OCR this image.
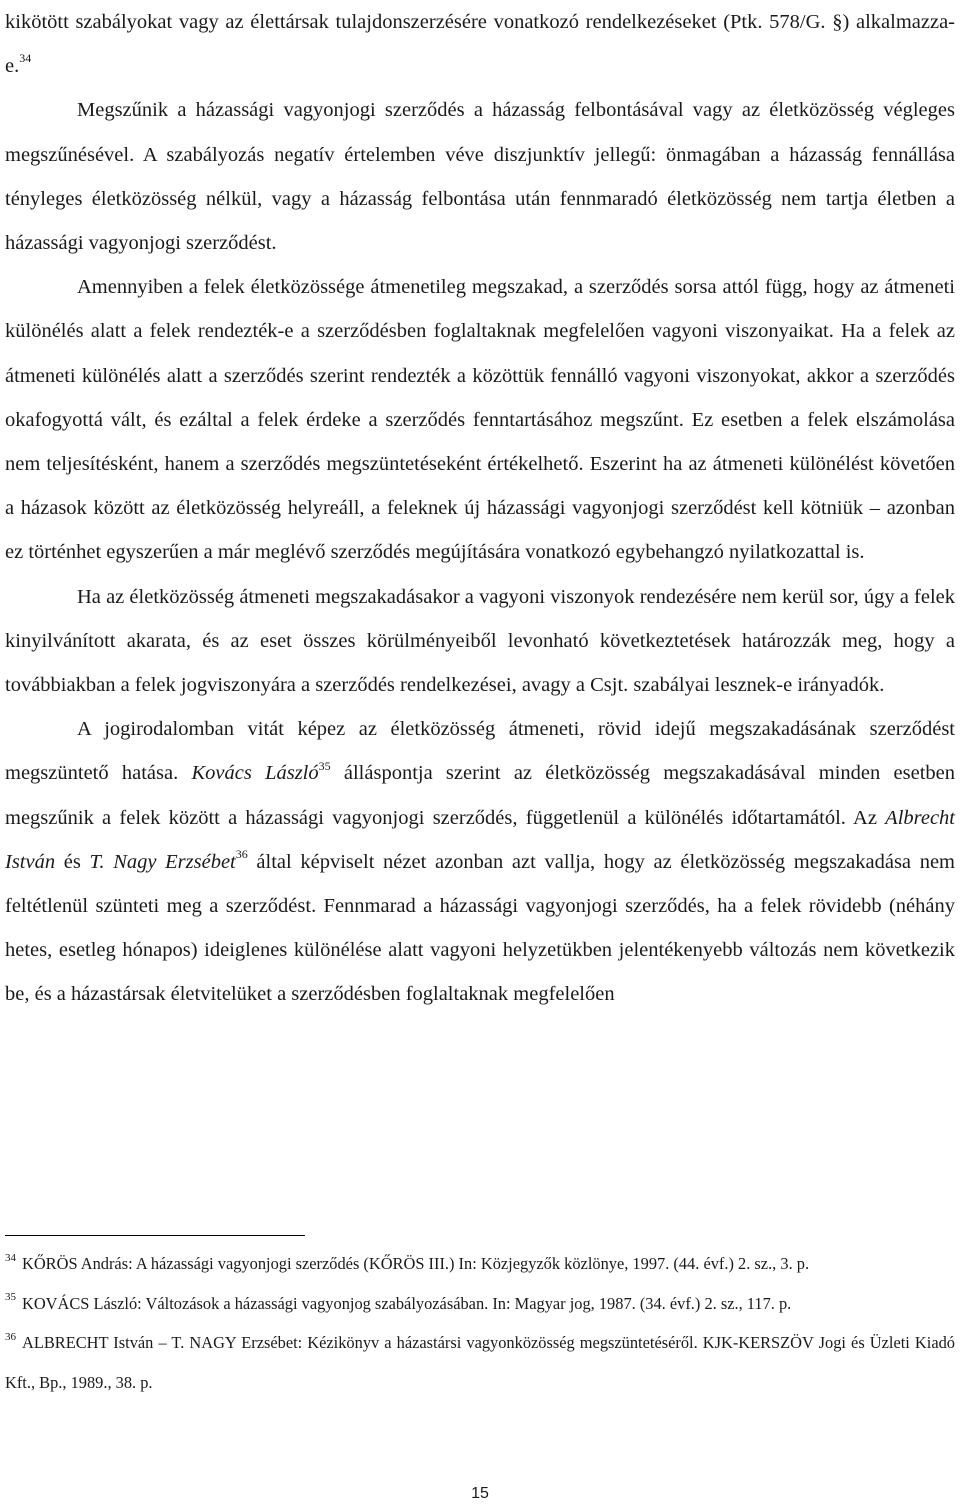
kikötött szabályokat vagy az élettársak tulajdonszerzésére vonatkozó rendelkezéseket (Ptk. 578/G. §) alkalmazza-e.$^{34}$

Megszűnik a házassági vagyonjogi szerződés a házasság felbontásával vagy az életközösség végleges megszűnésével. A szabályozás negatív értelemben véve diszjunktív jellegű: önmagában a házasság fennállása tényleges életközösség nélkül, vagy a házasság felbontása után fennmaradó életközösség nem tartja életben a házassági vagyonjogi szerződést.

Amennyiben a felek életközössége átmenetileg megszakad, a szerződés sorsa attól függ, hogy az átmeneti különélés alatt a felek rendezték-e a szerződésben foglaltaknak megfelelően vagyoni viszonyaikat. Ha a felek az átmeneti különélés alatt a szerződés szerint rendezték a közöttük fennálló vagyoni viszonyokat, akkor a szerződés okafogyottá vált, és ezáltal a felek érdeke a szerződés fenntartásához megszűnt. Ez esetben a felek elszámolása nem teljesítésként, hanem a szerződés megszüntetéseként értékelhető. Eszerint ha az átmeneti különélést követően a házasok között az életközösség helyreáll, a feleknek új házassági vagyonjogi szerződést kell kötniük – azonban ez történhet egyszerűen a már meglévő szerződés megújítására vonatkozó egybehangzó nyilatkozattal is.

Ha az életközösség átmeneti megszakadásakor a vagyoni viszonyok rendezésére nem kerül sor, úgy a felek kinyilvánított akarata, és az eset összes körülményeiből levonható következtetések határozzák meg, hogy a továbbiakban a felek jogviszonyára a szerződés rendelkezései, avagy a Csjt. szabályai lesznek-e irányadók.

A jogirodalomban vitát képez az életközösség átmeneti, rövid idejű megszakadásának szerződést megszüntető hatása. Kovács László$^{35}$ álláspontja szerint az életközösség megszakadásával minden esetben megszűnik a felek között a házassági vagyonjogi szerződés, függetlenül a különélés időtartamától. Az Albrecht István és T. Nagy Erzsébet$^{36}$ által képviselt nézet azonban azt vallja, hogy az életközösség megszakadása nem feltétlenül szünteti meg a szerződést. Fennmarad a házassági vagyonjogi szerződés, ha a felek rövidebb (néhány hetes, esetleg hónapos) ideiglenes különélése alatt vagyoni helyzetükben jelentékenyebb változás nem következik be, és a házastársak életvitelüket a szerződésben foglaltaknak megfelelően

$^{34}$ KŐRÖS András: A házassági vagyonjogi szerződés (KŐRÖS III.) In: Közjegyzők közlönye, 1997. (44. évf.) 2. sz., 3. p.

$^{35}$ KOVÁCS László: Változások a házassági vagyonjog szabályozásában. In: Magyar jog, 1987. (34. évf.) 2. sz., 117. p.

$^{36}$ ALBRECHT István – T. NAGY Erzsébet: Kézikönyv a házastársi vagyonközösség megszüntetéséről. KJK-KERSZÖV Jogi és Üzleti Kiadó Kft., Bp., 1989., 38. p.

15
